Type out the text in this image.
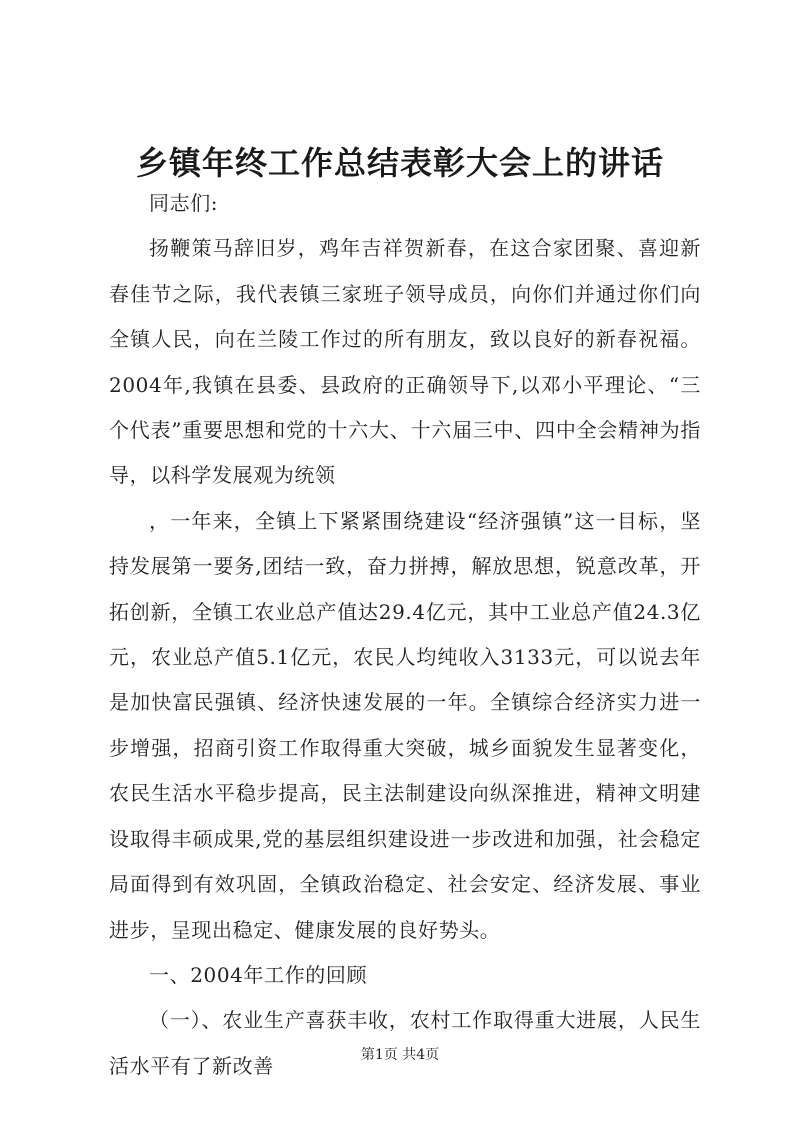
乡镇年终工作总结表彰大会上的讲话

同志们:

扬鞭策马辞旧岁，鸡年吉祥贺新春，在这合家团聚、喜迎新春佳节之际，我代表镇三家班子领导成员，向你们并通过你们向全镇人民，向在兰陵工作过的所有朋友，致以良好的新春祝福。2004年,我镇在县委、县政府的正确领导下,以邓小平理论、“三个代表”重要思想和党的十六大、十六届三中、四中全会精神为指导，以科学发展观为统领

，一年来，全镇上下紧紧围绕建设“经济强镇”这一目标，坚持发展第一要务,团结一致，奋力拼搏，解放思想，锐意改革，开拓创新，全镇工农业总产值达29.4亿元，其中工业总产值24.3亿元，农业总产值5.1亿元，农民人均纯收入3133元，可以说去年是加快富民强镇、经济快速发展的一年。全镇综合经济实力进一步增强，招商引资工作取得重大突破，城乡面貌发生显著变化，农民生活水平稳步提高，民主法制建设向纵深推进，精神文明建设取得丰硕成果,党的基层组织建设进一步改进和加强，社会稳定局面得到有效巩固，全镇政治稳定、社会安定、经济发展、事业进步，呈现出稳定、健康发展的良好势头。

一、2004年工作的回顾

（一）、农业生产喜获丰收，农村工作取得重大进展，人民生活水平有了新改善	第1页 共4页
